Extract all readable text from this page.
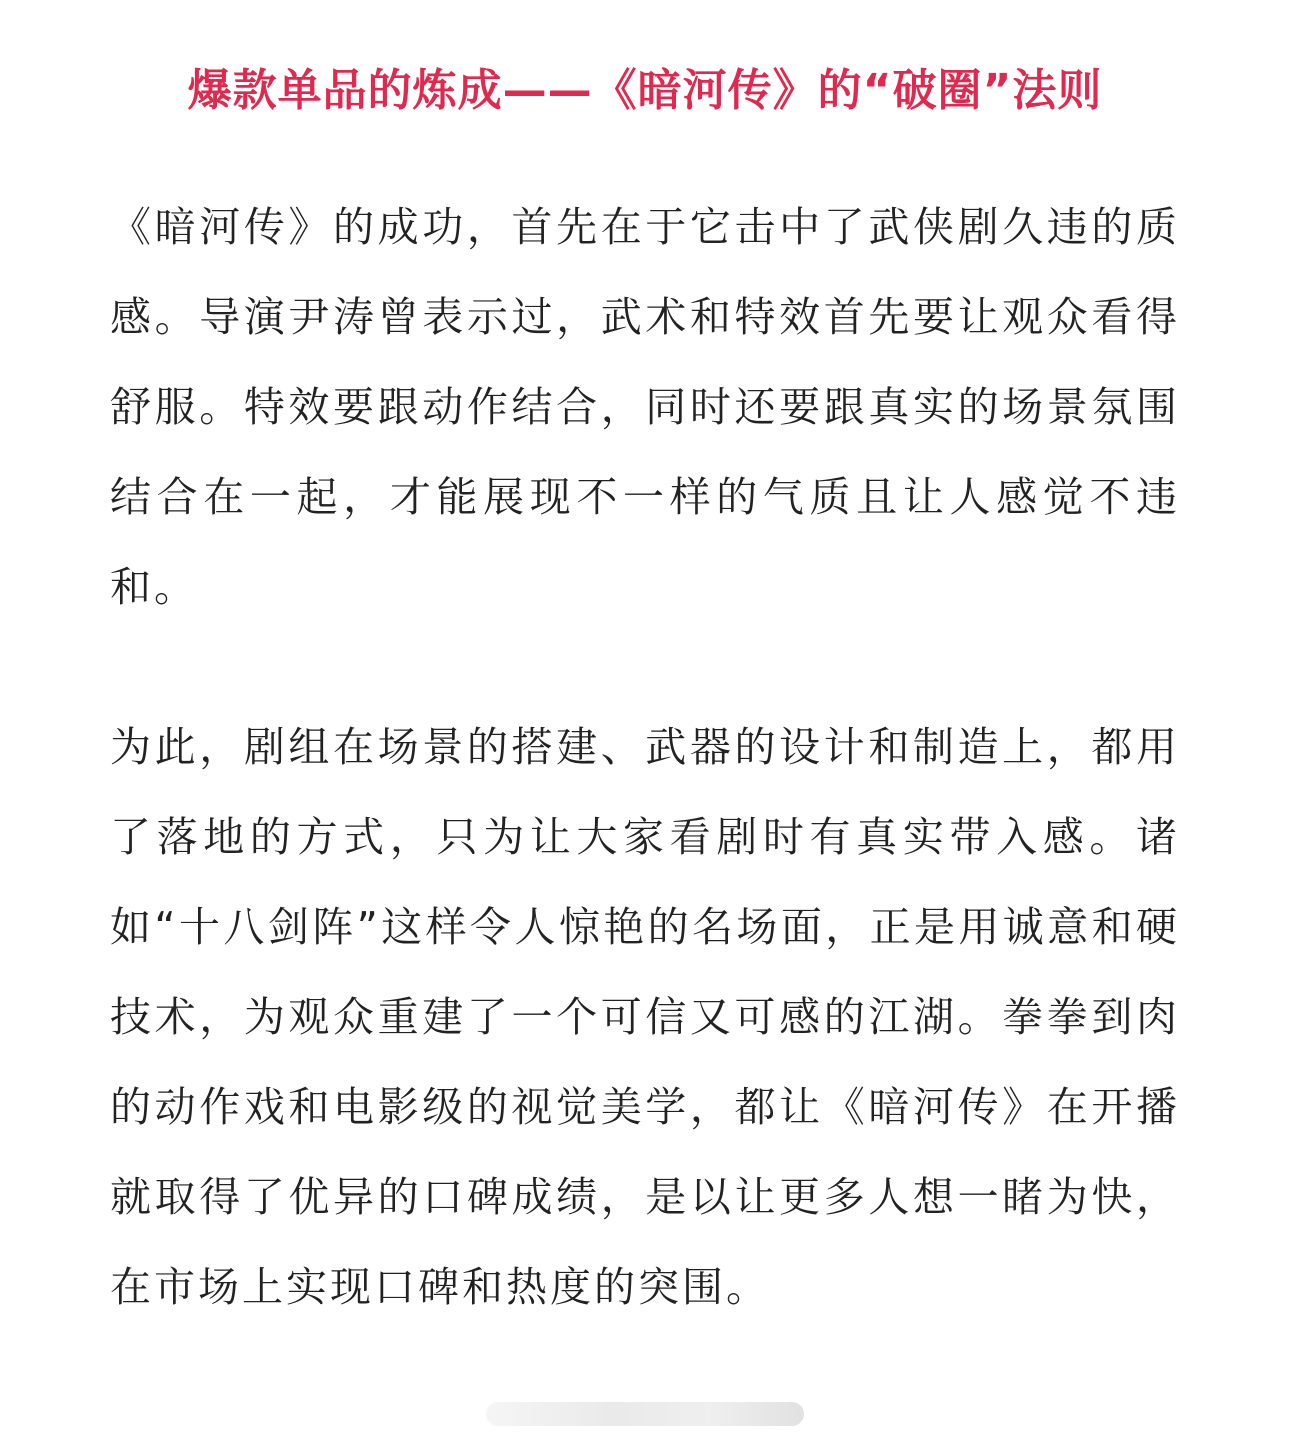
爆款单品的炼成——《暗河传》的“破圈”法则

《暗河传》的成功，首先在于它击中了武侠剧久违的质感。导演尹涛曾表示过，武术和特效首先要让观众看得舒服。特效要跟动作结合，同时还要跟真实的场景氛围结合在一起，才能展现不一样的气质且让人感觉不违和。

为此，剧组在场景的搭建、武器的设计和制造上，都用了落地的方式，只为让大家看剧时有真实带入感。诸如“十八剑阵”这样令人惊艳的名场面，正是用诚意和硬技术，为观众重建了一个可信又可感的江湖。拳拳到肉的动作戏和电影级的视觉美学，都让《暗河传》在开播就取得了优异的口碑成绩，是以让更多人想一睹为快，在市场上实现口碑和热度的突围。
